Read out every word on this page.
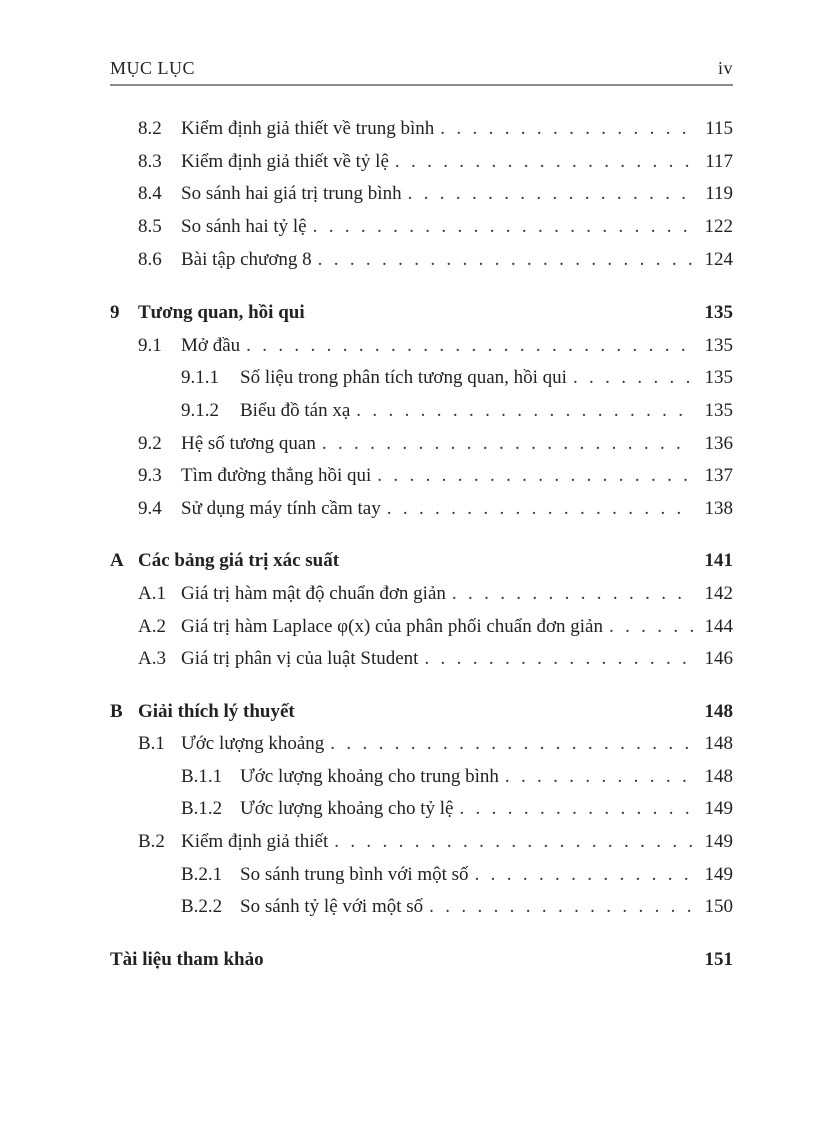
MỤC LỤC	iv
8.2	Kiểm định giả thiết về trung bình . . .	115
8.3	Kiểm định giả thiết về tỷ lệ . . .	117
8.4	So sánh hai giá trị trung bình . . .	119
8.5	So sánh hai tỷ lệ . . .	122
8.6	Bài tập chương 8 . . .	124
9 Tương quan, hồi qui	135
9.1	Mở đầu . . .	135
9.1.1	Số liệu trong phân tích tương quan, hồi qui . . .	135
9.1.2	Biểu đồ tán xạ . . .	135
9.2	Hệ số tương quan . . .	136
9.3	Tìm đường thẳng hồi qui . . .	137
9.4	Sử dụng máy tính cầm tay . . .	138
A Các bảng giá trị xác suất	141
A.1 Giá trị hàm mật độ chuẩn đơn giản . . .	142
A.2 Giá trị hàm Laplace φ(x) của phân phối chuẩn đơn giản . . .	144
A.3 Giá trị phân vị của luật Student . . .	146
B Giải thích lý thuyết	148
B.1 Ước lượng khoảng . . .	148
B.1.1 Ước lượng khoảng cho trung bình . . .	148
B.1.2 Ước lượng khoảng cho tỷ lệ . . .	149
B.2 Kiểm định giả thiết . . .	149
B.2.1 So sánh trung bình với một số . . .	149
B.2.2 So sánh tỷ lệ với một số . . .	150
Tài liệu tham khảo	151
